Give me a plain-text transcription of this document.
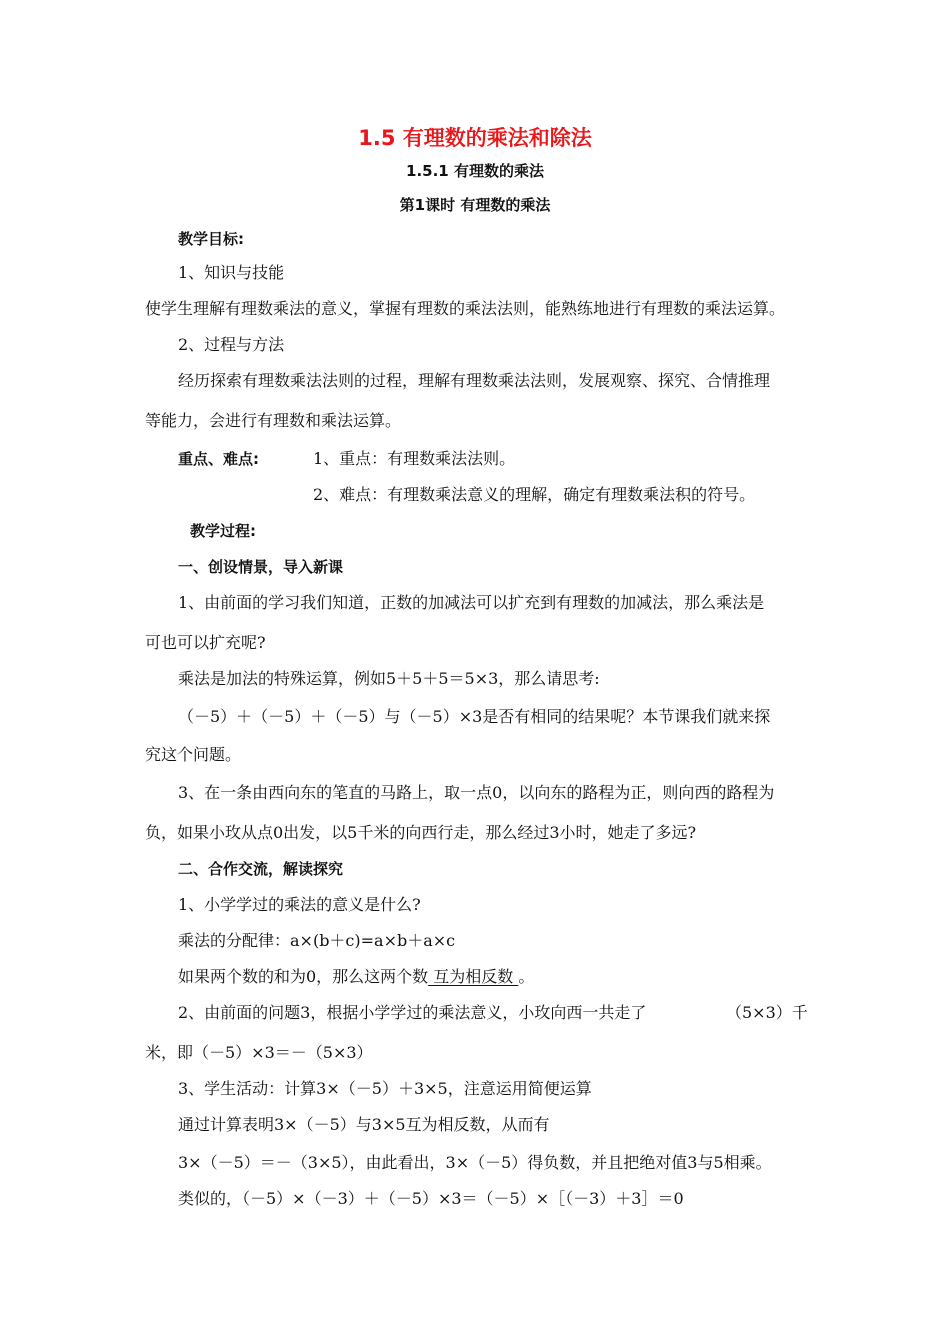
1.5 有理数的乘法和除法
1.5.1 有理数的乘法
第1课时 有理数的乘法
教学目标:
1、知识与技能
使学生理解有理数乘法的意义，掌握有理数的乘法法则，能熟练地进行有理数的乘法运算。
2、过程与方法
经历探索有理数乘法法则的过程，理解有理数乘法法则，发展观察、探究、合情推理
等能力，会进行有理数和乘法运算。
重点、难点:	1、重点：有理数乘法法则。
2、难点：有理数乘法意义的理解，确定有理数乘法积的符号。
教学过程:
一、创设情景，导入新课
1、由前面的学习我们知道，正数的加减法可以扩充到有理数的加减法，那么乘法是
可也可以扩充呢?
乘法是加法的特殊运算，例如5＋5＋5＝5×3，那么请思考:
（－5）＋（－5）＋（－5）与（－5）×3是否有相同的结果呢？本节课我们就来探
究这个问题。
3、在一条由西向东的笔直的马路上，取一点0，以向东的路程为正，则向西的路程为
负，如果小玫从点0出发，以5千米的向西行走，那么经过3小时，她走了多远?
二、合作交流，解读探究
1、小学学过的乘法的意义是什么?
乘法的分配律：a×(b＋c)=a×b＋a×c
如果两个数的和为0，那么这两个数 互为相反数 。
2、由前面的问题3，根据小学学过的乘法意义，小玫向西一共走了	（5×3）千
米，即（－5）×3＝－（5×3）
3、学生活动：计算3×（－5）＋3×5，注意运用简便运算
通过计算表明3×（－5）与3×5互为相反数，从而有
3×（－5）＝－（3×5），由此看出，3×（－5）得负数，并且把绝对值3与5相乘。
类似的，（－5）×（－3）＋（－5）×3＝（－5）×［（－3）＋3］＝0
